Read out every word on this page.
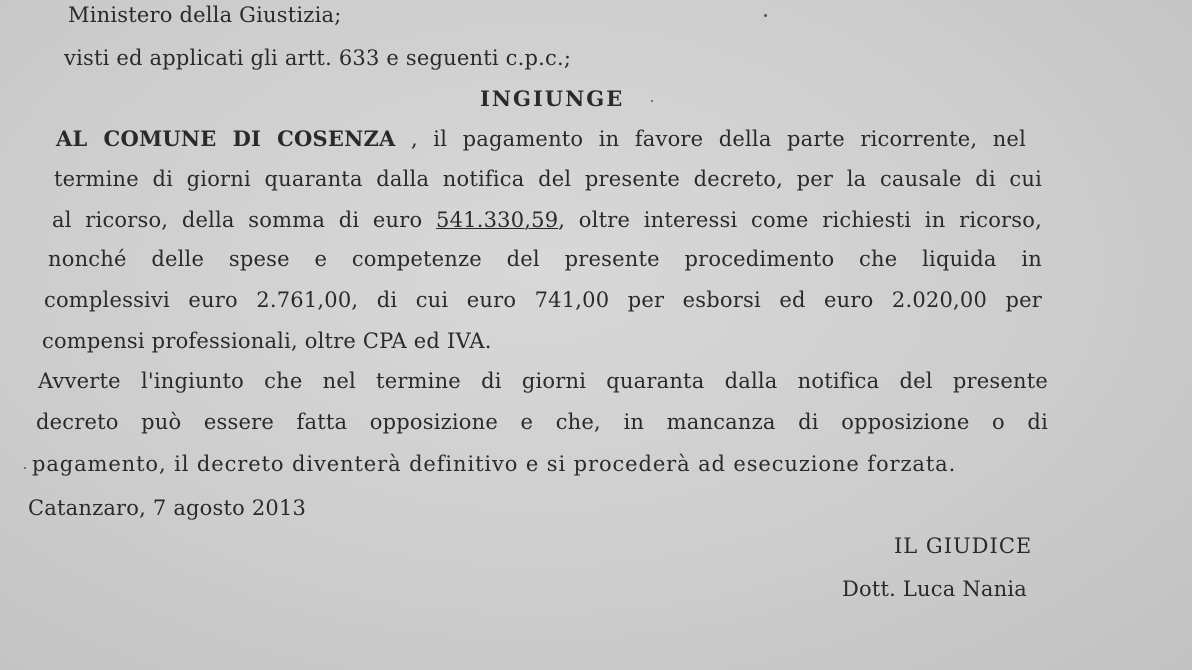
Ministero della Giustizia;
visti ed applicati gli artt. 633 e seguenti c.p.c.;
INGIUNGE
AL COMUNE DI COSENZA , il pagamento in favore della parte ricorrente, nel
termine di giorni quaranta dalla notifica del presente decreto, per la causale di cui
al ricorso, della somma di euro 541.330,59, oltre interessi come richiesti in ricorso,
nonché delle spese e competenze del presente procedimento che liquida in
complessivi euro 2.761,00, di cui euro 741,00 per esborsi ed euro 2.020,00 per
compensi professionali, oltre CPA ed IVA.
Avverte l'ingiunto che nel termine di giorni quaranta dalla notifica del presente
decreto può essere fatta opposizione e che, in mancanza di opposizione o di
pagamento, il decreto diventerà definitivo e si procederà ad esecuzione forzata.
Catanzaro, 7 agosto 2013
IL GIUDICE
Dott. Luca Nania
